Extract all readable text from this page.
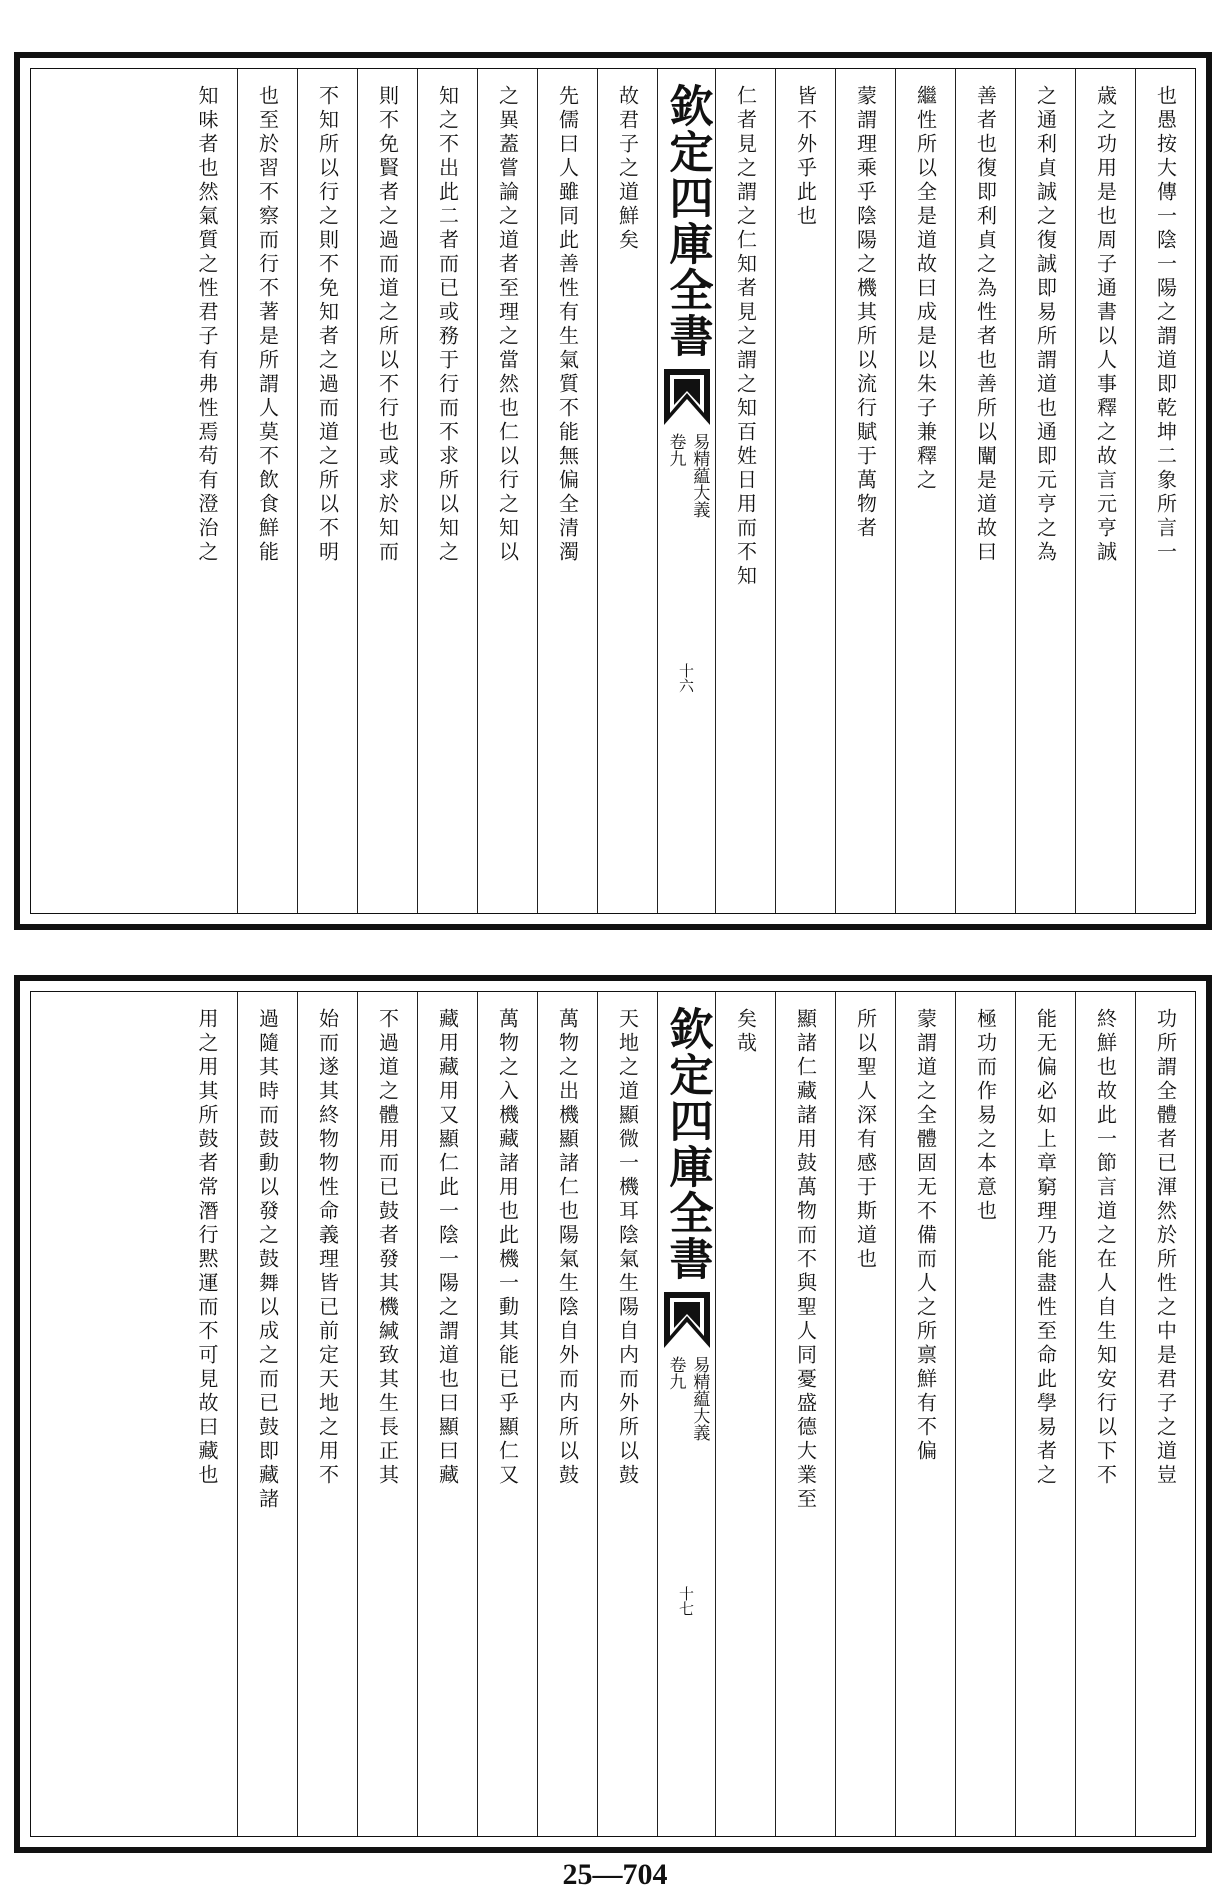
也愚按大傳一陰一陽之謂道即乾坤二象所言一
歳之功用是也周子通書以人事釋之故言元亨誠
之通利貞誠之復誠即易所謂道也通即元亨之為
善者也復即利貞之為性者也善所以闡是道故曰
繼性所以全是道故曰成是以朱子兼釋之
蒙謂理乘乎陰陽之機其所以流行賦于萬物者
皆不外乎此也
仁者見之謂之仁知者見之謂之知百姓日用而不知
欽定四庫全書
易精藴大義
卷九
十六
故君子之道鮮矣
先儒曰人雖同此善性有生氣質不能無偏全清濁
之異蓋嘗論之道者至理之當然也仁以行之知以
知之不出此二者而已或務于行而不求所以知之
則不免賢者之過而道之所以不行也或求於知而
不知所以行之則不免知者之過而道之所以不明
也至於習不察而行不著是所謂人莫不飲食鮮能
知味者也然氣質之性君子有弗性焉苟有澄治之
功所謂全體者已渾然於所性之中是君子之道豈
終鮮也故此一節言道之在人自生知安行以下不
能无偏必如上章窮理乃能盡性至命此學易者之
極功而作易之本意也
蒙謂道之全體固无不備而人之所禀鮮有不偏
所以聖人深有感于斯道也
顯諸仁藏諸用鼓萬物而不與聖人同憂盛德大業至
矣哉
欽定四庫全書
易精藴大義
卷九
十七
天地之道顯微一機耳陰氣生陽自内而外所以鼓
萬物之出機顯諸仁也陽氣生陰自外而内所以鼓
萬物之入機藏諸用也此機一動其能已乎顯仁又
藏用藏用又顯仁此一陰一陽之謂道也曰顯曰藏
不過道之體用而已鼓者發其機緘致其生長正其
始而遂其終物物性命義理皆已前定天地之用不
過隨其時而鼓動以發之鼓舞以成之而已鼓即藏諸
用之用其所鼓者常潛行黙運而不可見故曰藏也
25—704
